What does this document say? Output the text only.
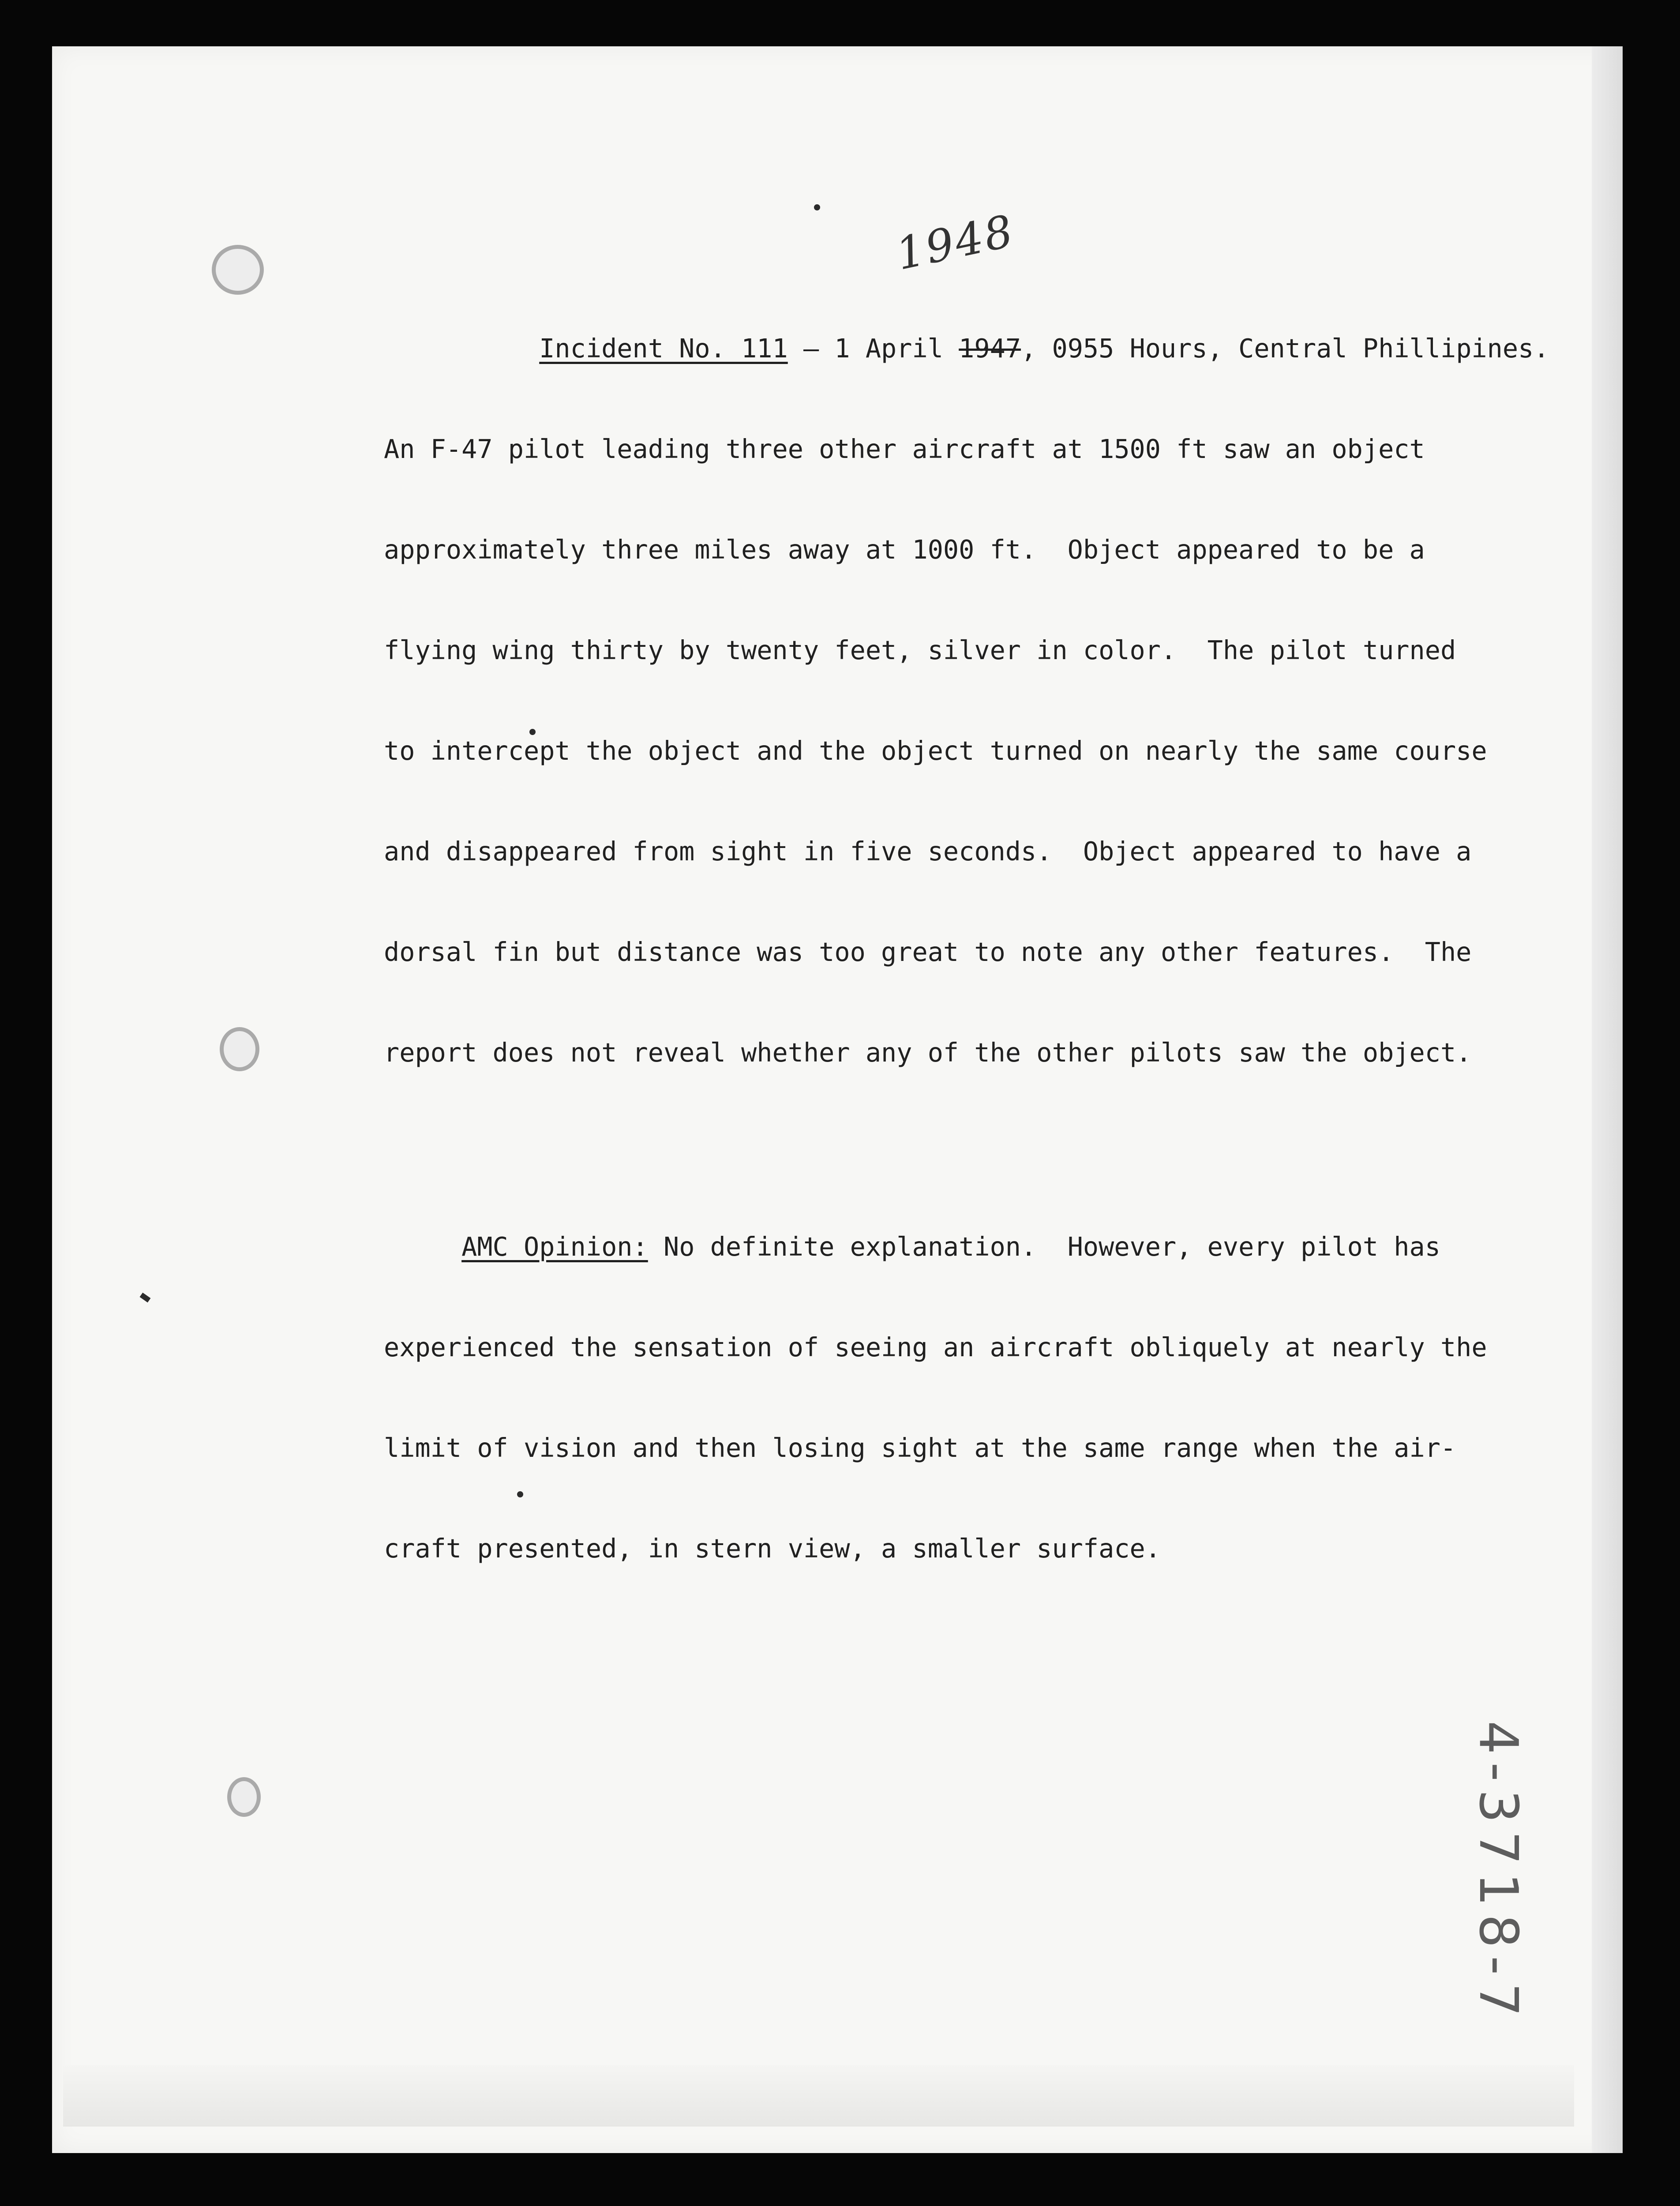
1948
4-3718-7

Incident No. 111 — 1 April 1947, 0955 Hours, Central Phillipines.

An F-47 pilot leading three other aircraft at 1500 ft saw an object

approximately three miles away at 1000 ft.  Object appeared to be a

flying wing thirty by twenty feet, silver in color.  The pilot turned

to intercept the object and the object turned on nearly the same course

and disappeared from sight in five seconds.  Object appeared to have a

dorsal fin but distance was too great to note any other features.  The

report does not reveal whether any of the other pilots saw the object.

AMC Opinion: No definite explanation.  However, every pilot has

experienced the sensation of seeing an aircraft obliquely at nearly the

limit of vision and then losing sight at the same range when the air-

craft presented, in stern view, a smaller surface.
